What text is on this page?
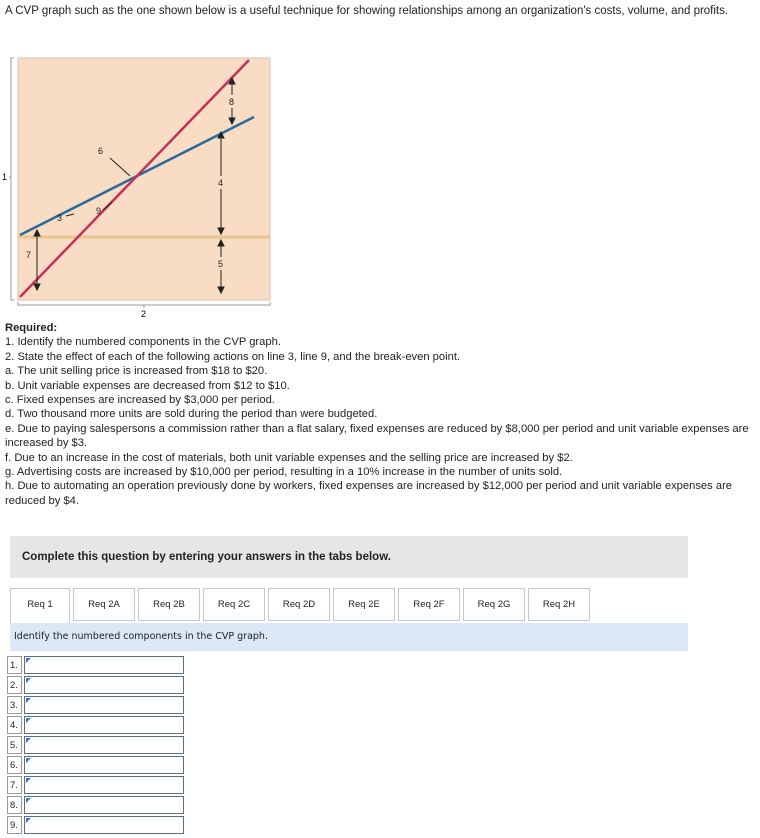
A CVP graph such as the one shown below is a useful technique for showing relationships among an organization's costs, volume, and profits.
1
2
7
8
4
5
6
9
3

Required:

1. Identify the numbered components in the CVP graph.

2. State the effect of each of the following actions on line 3, line 9, and the break-even point.

a. The unit selling price is increased from $18 to $20.

b. Unit variable expenses are decreased from $12 to $10.

c. Fixed expenses are increased by $3,000 per period.

d. Two thousand more units are sold during the period than were budgeted.

e. Due to paying salespersons a commission rather than a flat salary, fixed expenses are reduced by $8,000 per period and unit variable expenses are increased by $3.

f. Due to an increase in the cost of materials, both unit variable expenses and the selling price are increased by $2.

g. Advertising costs are increased by $10,000 per period, resulting in a 10% increase in the number of units sold.

h. Due to automating an operation previously done by workers, fixed expenses are increased by $12,000 per period and unit variable expenses are reduced by $4.

Complete this question by entering your answers in the tabs below.
Req 1	Req 2A	Req 2B	Req 2C	Req 2D	Req 2E	Req 2F	Req 2G	Req 2H
Identify the numbered components in the CVP graph.
1.
2.
3.
4.
5.
6.
7.
8.
9.
